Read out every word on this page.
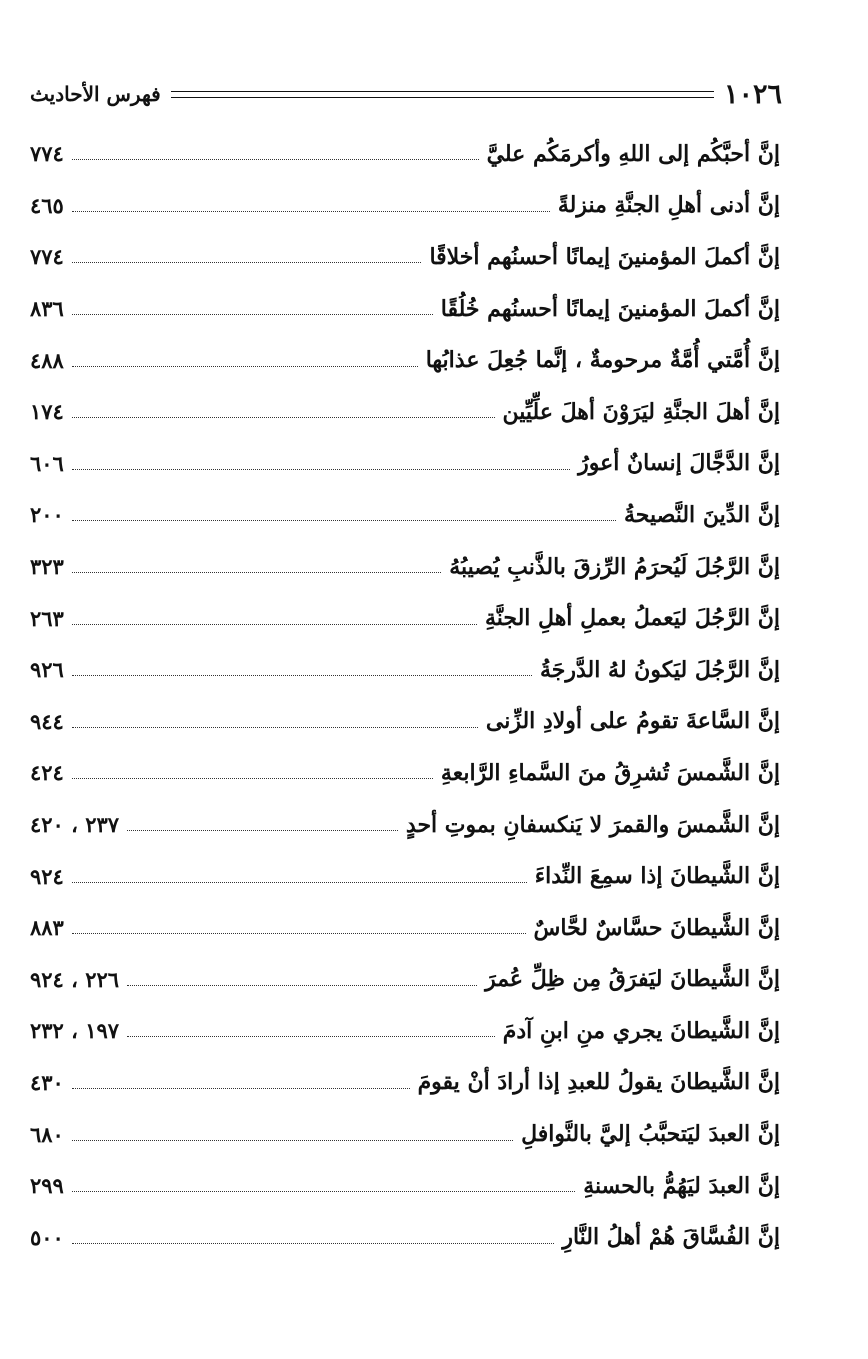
١٠٢٦
فهرس الأحاديث
إنَّ أحبَّكُم إلى اللهِ وأكرمَكُم عليَّ
٧٧٤
إنَّ أدنى أهلِ الجنَّةِ منزلةً
٤٦٥
إنَّ أكملَ المؤمنينَ إيمانًا أحسنُهم أخلاقًا
٧٧٤
إنَّ أكملَ المؤمنينَ إيمانًا أحسنُهم خُلُقًا
٨٣٦
إنَّ أُمَّتي أُمَّةٌ مرحومةٌ ، إنَّما جُعِلَ عذابُها
٤٨٨
إنَّ أهلَ الجنَّةِ ليَرَوْنَ أهلَ علِّيِّين
١٧٤
إنَّ الدَّجَّالَ إنسانٌ أعورُ
٦٠٦
إنَّ الدِّينَ النَّصيحةُ
٢٠٠
إنَّ الرَّجُلَ لَيُحرَمُ الرِّزقَ بالذَّنبِ يُصيبُهُ
٣٢٣
إنَّ الرَّجُلَ ليَعملُ بعملِ أهلِ الجنَّةِ
٢٦٣
إنَّ الرَّجُلَ ليَكونُ لهُ الدَّرجَةُ
٩٢٦
إنَّ السَّاعةَ تقومُ على أولادِ الزِّنى
٩٤٤
إنَّ الشَّمسَ تُشرِقُ منَ السَّماءِ الرَّابعةِ
٤٢٤
إنَّ الشَّمسَ والقمرَ لا يَنكسفانِ بموتِ أحدٍ
٢٣٧ ، ٤٢٠
إنَّ الشَّيطانَ إذا سمِعَ النِّداءَ
٩٢٤
إنَّ الشَّيطانَ حسَّاسٌ لحَّاسٌ
٨٨٣
إنَّ الشَّيطانَ ليَفرَقُ مِن ظِلِّ عُمرَ
٢٢٦ ، ٩٢٤
إنَّ الشَّيطانَ يجري منِ ابنِ آدمَ
١٩٧ ، ٢٣٢
إنَّ الشَّيطانَ يقولُ للعبدِ إذا أرادَ أنْ يقومَ
٤٣٠
إنَّ العبدَ ليَتحبَّبُ إليَّ بالنَّوافلِ
٦٨٠
إنَّ العبدَ ليَهُمُّ بالحسنةِ
٢٩٩
إنَّ الفُسَّاقَ هُمْ أهلُ النَّارِ
٥٠٠
